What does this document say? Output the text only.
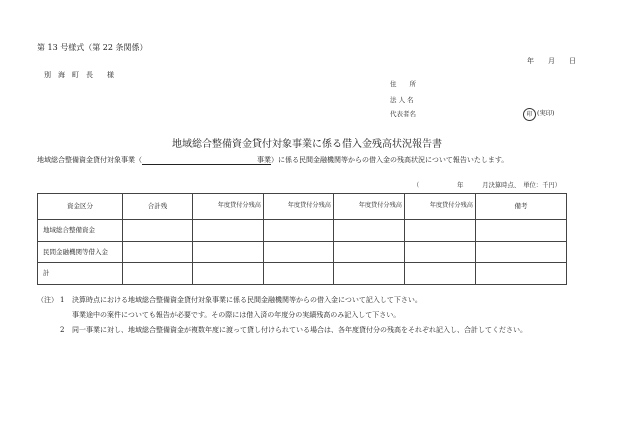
第 13 号様式（第 22 条関係）
年　　月　　日
別　海　町　長　　様
住　　所
法 人 名
代表者名	印 (実印)
地域総合整備資金貸付対象事業に係る借入金残高状況報告書
地域総合整備資金貸付対象事業（	事業）に係る民間金融機関等からの借入金の残高状況について報告いたします。
（　　　　　　年　　　月決算時点、　単位：千円）
資金区分	合計残	年度貸付分残高	年度貸付分残高	年度貸付分残高	年度貸付分残高	備考
地域総合整備資金						
民間金融機関等借入金						
計						
（注） 1 決算時点における地域総合整備資金貸付対象事業に係る民間金融機関等からの借入金について記入して下さい。
事業途中の案件についても報告が必要です。その際には借入済の年度分の実績残高のみ記入して下さい。
2 同一事業に対し、地域総合整備資金が複数年度に渡って貸し付けられている場合は、各年度貸付分の残高をそれぞれ記入し、合計してください。
